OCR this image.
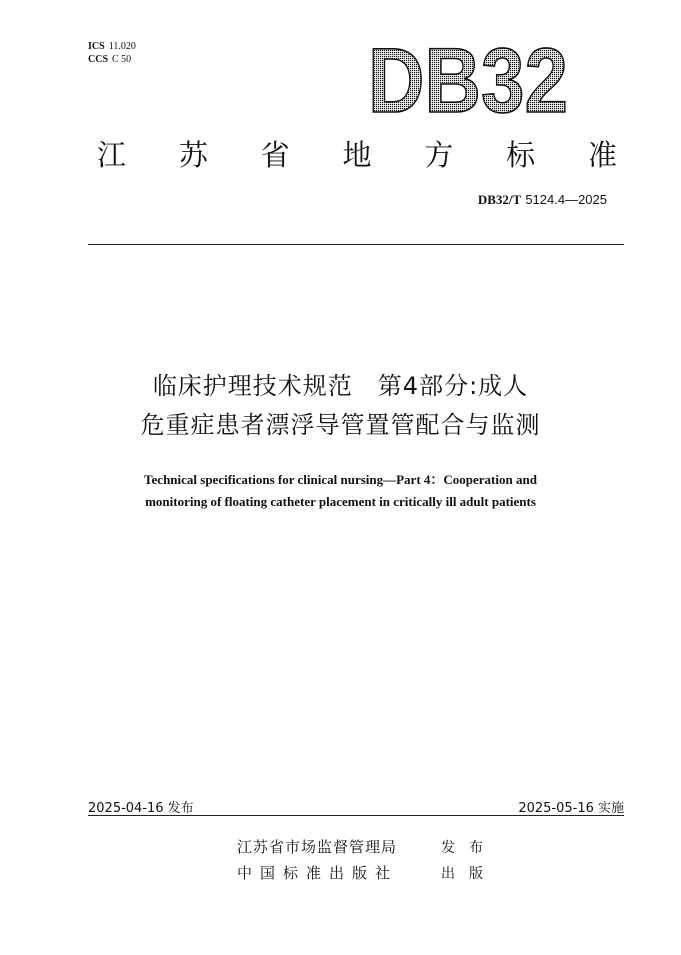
ICS 11.020
CCS C 50	DB32
江 苏 省 地 方 标 准
DB32/T 5124.4—2025
临床护理技术规范　第4部分:成人
危重症患者漂浮导管置管配合与监测
Technical specifications for clinical nursing—Part 4：Cooperation and
monitoring of floating catheter placement in critically ill adult patients
2025-04-16 发布	2025-05-16 实施
江苏省市场监督管理局	发布
中国标准出版社	出版
